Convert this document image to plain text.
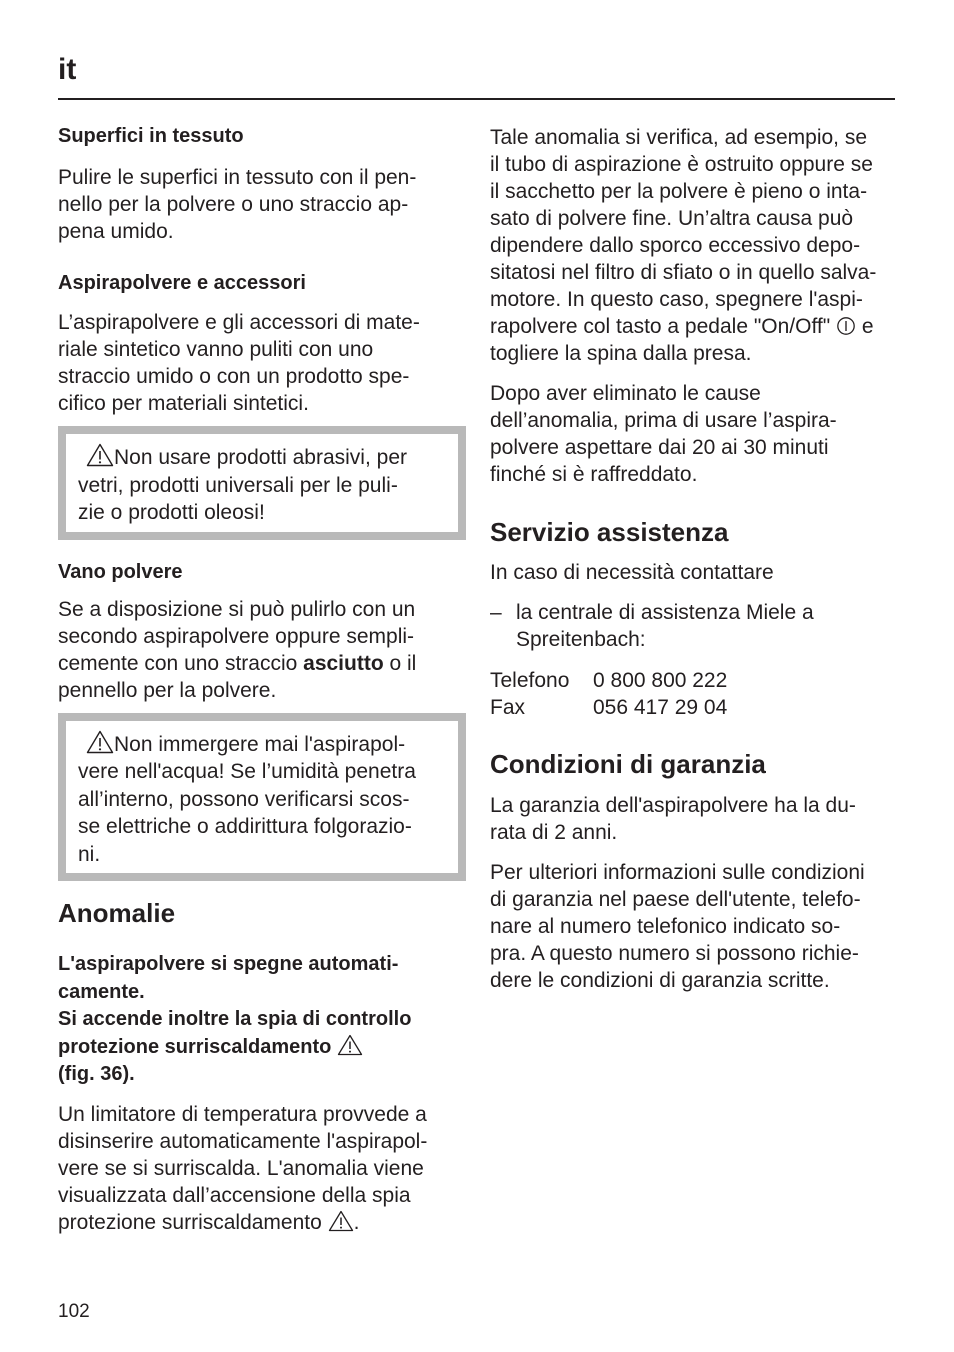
it
Superfici in tessuto

Pulire le superfici in tessuto con il pen-
nello per la polvere o uno straccio ap-
pena umido.

Aspirapolvere e accessori

L’aspirapolvere e gli accessori di mate-
riale sintetico vanno puliti con uno
straccio umido o con un prodotto spe-
cifico per materiali sintetici.

Non usare prodotti abrasivi, per
vetri, prodotti universali per le puli-
zie o prodotti oleosi!
Vano polvere

Se a disposizione si può pulirlo con un
secondo aspirapolvere oppure sempli-
cemente con uno straccio asciutto o il
pennello per la polvere.

Non immergere mai l'aspirapol-
vere nell'acqua! Se l’umidità penetra
all’interno, possono verificarsi scos-
se elettriche o addirittura folgorazio-
ni.
Anomalie

L'aspirapolvere si spegne automati-
camente.
Si accende inoltre la spia di controllo
protezione surriscaldamento
(fig. 36).

Un limitatore di temperatura provvede a
disinserire automaticamente l'aspirapol-
vere se si surriscalda. L'anomalia viene
visualizzata dall’accensione della spia
protezione surriscaldamento .

Tale anomalia si verifica, ad esempio, se
il tubo di aspirazione è ostruito oppure se
il sacchetto per la polvere è pieno o inta-
sato di polvere fine. Un’altra causa può
dipendere dallo sporco eccessivo depo-
sitatosi nel filtro di sfiato o in quello salva-
motore. In questo caso, spegnere l'aspi-
rapolvere col tasto a pedale "On/Off"  e
togliere la spina dalla presa.

Dopo aver eliminato le cause
dell’anomalia, prima di usare l’aspira-
polvere aspettare dai 20 ai 30 minuti
finché si è raffreddato.

Servizio assistenza

In caso di necessità contattare

– la centrale di assistenza Miele a
Spreitenbach:
Telefono	0 800 800 222
Fax	056 417 29 04
Condizioni di garanzia

La garanzia dell'aspirapolvere ha la du-
rata di 2 anni.

Per ulteriori informazioni sulle condizioni
di garanzia nel paese dell'utente, telefo-
nare al numero telefonico indicato so-
pra. A questo numero si possono richie-
dere le condizioni di garanzia scritte.

102
